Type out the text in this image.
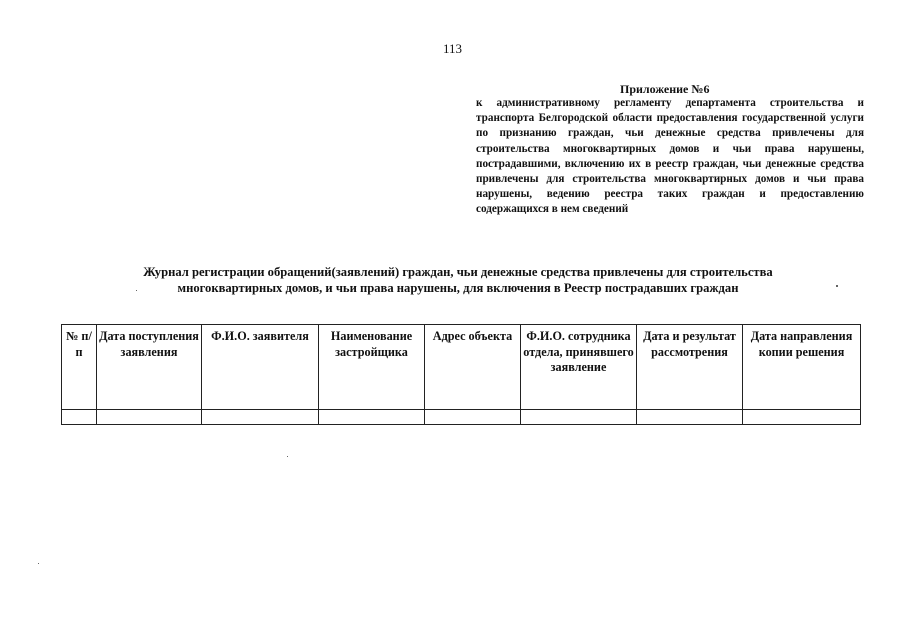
113
Приложение №6
к административному регламенту департамента строительства и транспорта Белгородской области предоставления государственной услуги по признанию граждан, чьи денежные средства привлечены для строительства многоквартирных домов и чьи права нарушены, пострадавшими, включению их в реестр граждан, чьи денежные средства привлечены для строительства многоквартирных домов и чьи права нарушены, ведению реестра таких граждан и предоставлению содержащихся в нем сведений
Журнал регистрации обращений(заявлений) граждан, чьи денежные средства привлечены для строительства
многоквартирных домов, и чьи права нарушены, для включения в Реестр пострадавших граждан
№ п/п	Дата поступления заявления	Ф.И.О. заявителя	Наименование застройщика	Адрес объекта	Ф.И.О. сотрудника отдела, принявшего заявление	Дата и результат рассмотрения	Дата направления копии решения
